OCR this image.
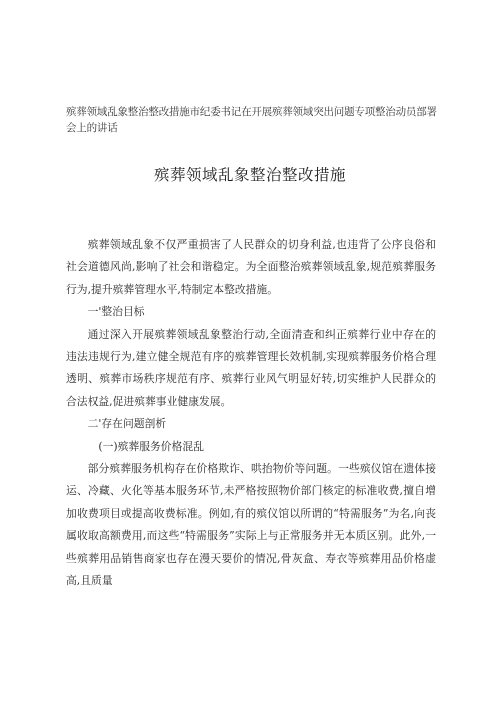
殡葬领域乱象整治整改措施市纪委书记在开展殡葬领域突出问题专项整治动员部署会上的讲话
殡葬领域乱象整治整改措施

殡葬领域乱象不仅严重损害了人民群众的切身利益,也违背了公序良俗和社会道德风尚,影响了社会和谐稳定。为全面整治殡葬领域乱象,规范殡葬服务行为,提升殡葬管理水平,特制定本整改措施。

一'整治目标

通过深入开展殡葬领域乱象整治行动,全面清查和纠正殡葬行业中存在的违法违规行为,建立健全规范有序的殡葬管理长效机制,实现殡葬服务价格合理透明、殡葬市场秩序规范有序、殡葬行业风气明显好转,切实维护人民群众的合法权益,促进殡葬事业健康发展。

二'存在问题剖析

(一)殡葬服务价格混乱

部分殡葬服务机构存在价格欺诈、哄抬物价等问题。一些殡仪馆在遗体接运、冷藏、火化等基本服务环节,未严格按照物价部门核定的标准收费,擅自增加收费项目或提高收费标准。例如,有的殡仪馆以所谓的“特需服务”为名,向丧属收取高额费用,而这些“特需服务”实际上与正常服务并无本质区别。此外,一些殡葬用品销售商家也存在漫天要价的情况,骨灰盒、寿衣等殡葬用品价格虚高,且质量
